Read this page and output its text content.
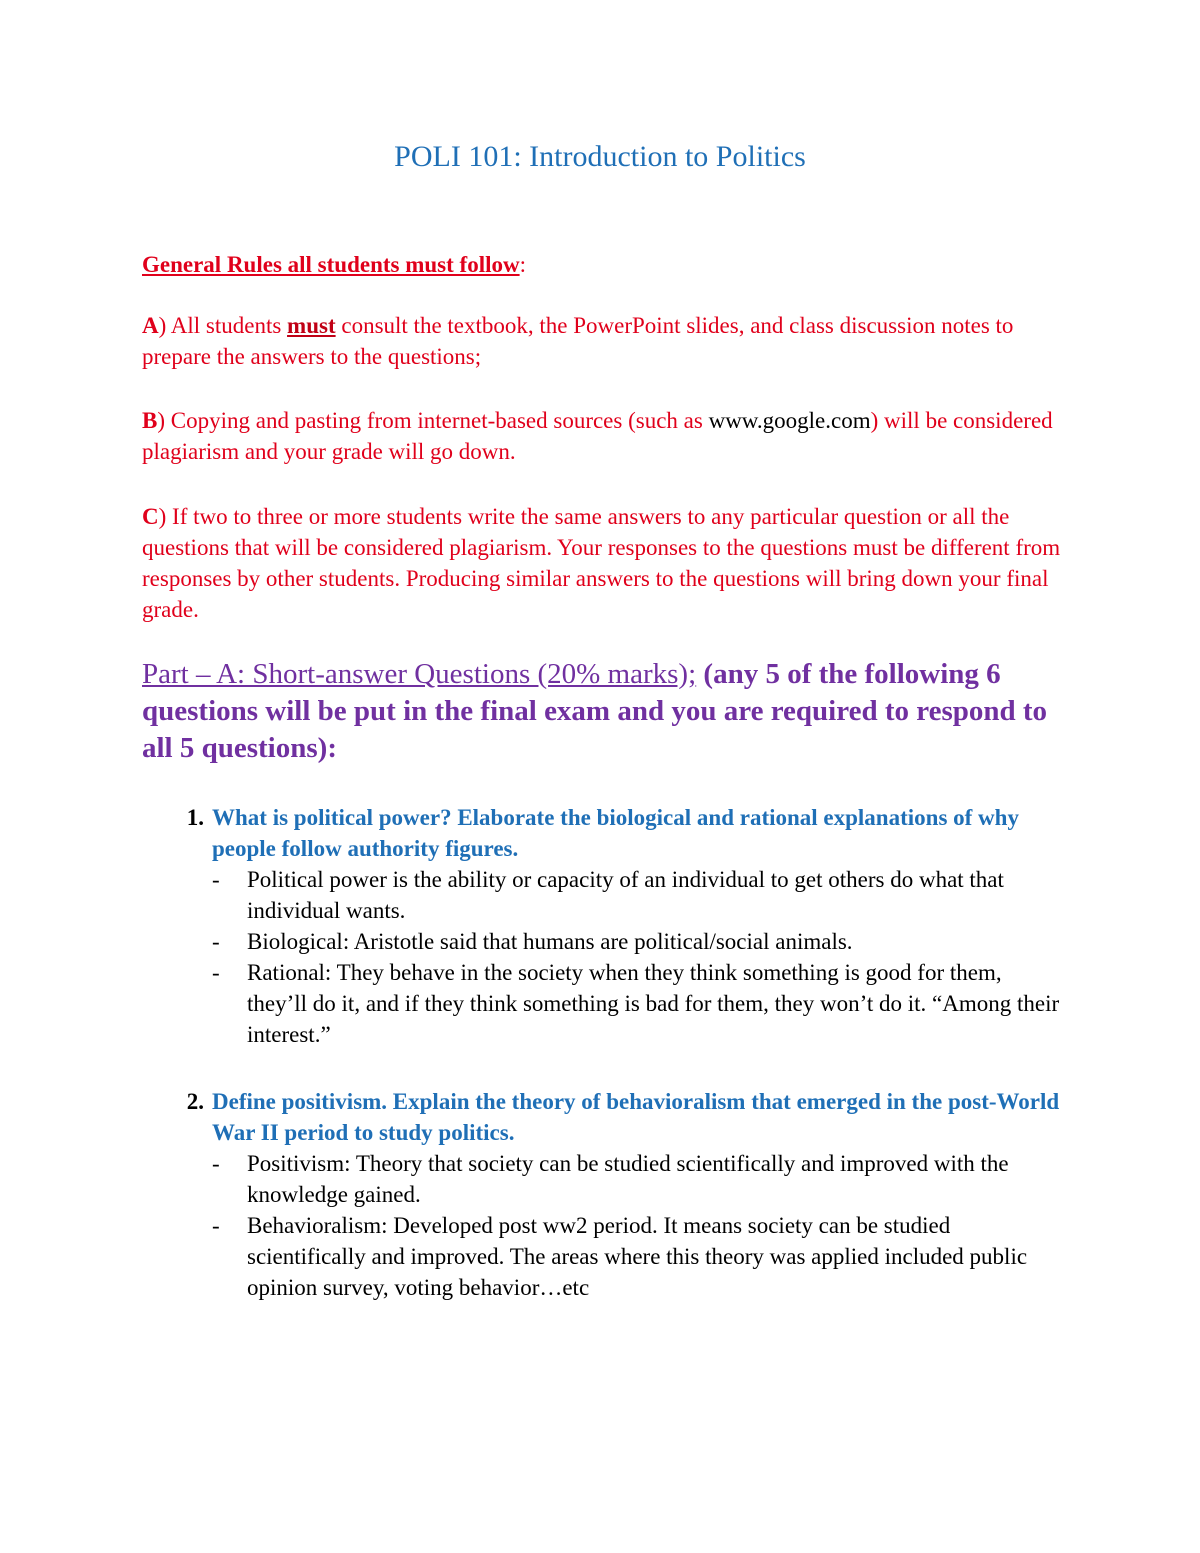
POLI 101: Introduction to Politics
General Rules all students must follow:

A) All students must consult the textbook, the PowerPoint slides, and class discussion notes to prepare the answers to the questions;

B) Copying and pasting from internet-based sources (such as www.google.com) will be considered plagiarism and your grade will go down.

C) If two to three or more students write the same answers to any particular question or all the questions that will be considered plagiarism. Your responses to the questions must be different from responses by other students. Producing similar answers to the questions will bring down your final grade.

Part – A: Short-answer Questions (20% marks); (any 5 of the following 6 questions will be put in the final exam and you are required to respond to all 5 questions):

1. What is political power? Elaborate the biological and rational explanations of why people follow authority figures.
-	Political power is the ability or capacity of an individual to get others do what that individual wants.
-	Biological: Aristotle said that humans are political/social animals.
-	Rational: They behave in the society when they think something is good for them, they’ll do it, and if they think something is bad for them, they won’t do it. “Among their interest.”
2. Define positivism. Explain the theory of behavioralism that emerged in the post-World War II period to study politics.
-	Positivism: Theory that society can be studied scientifically and improved with the knowledge gained.
-	Behavioralism: Developed post ww2 period. It means society can be studied scientifically and improved. The areas where this theory was applied included public opinion survey, voting behavior…etc
